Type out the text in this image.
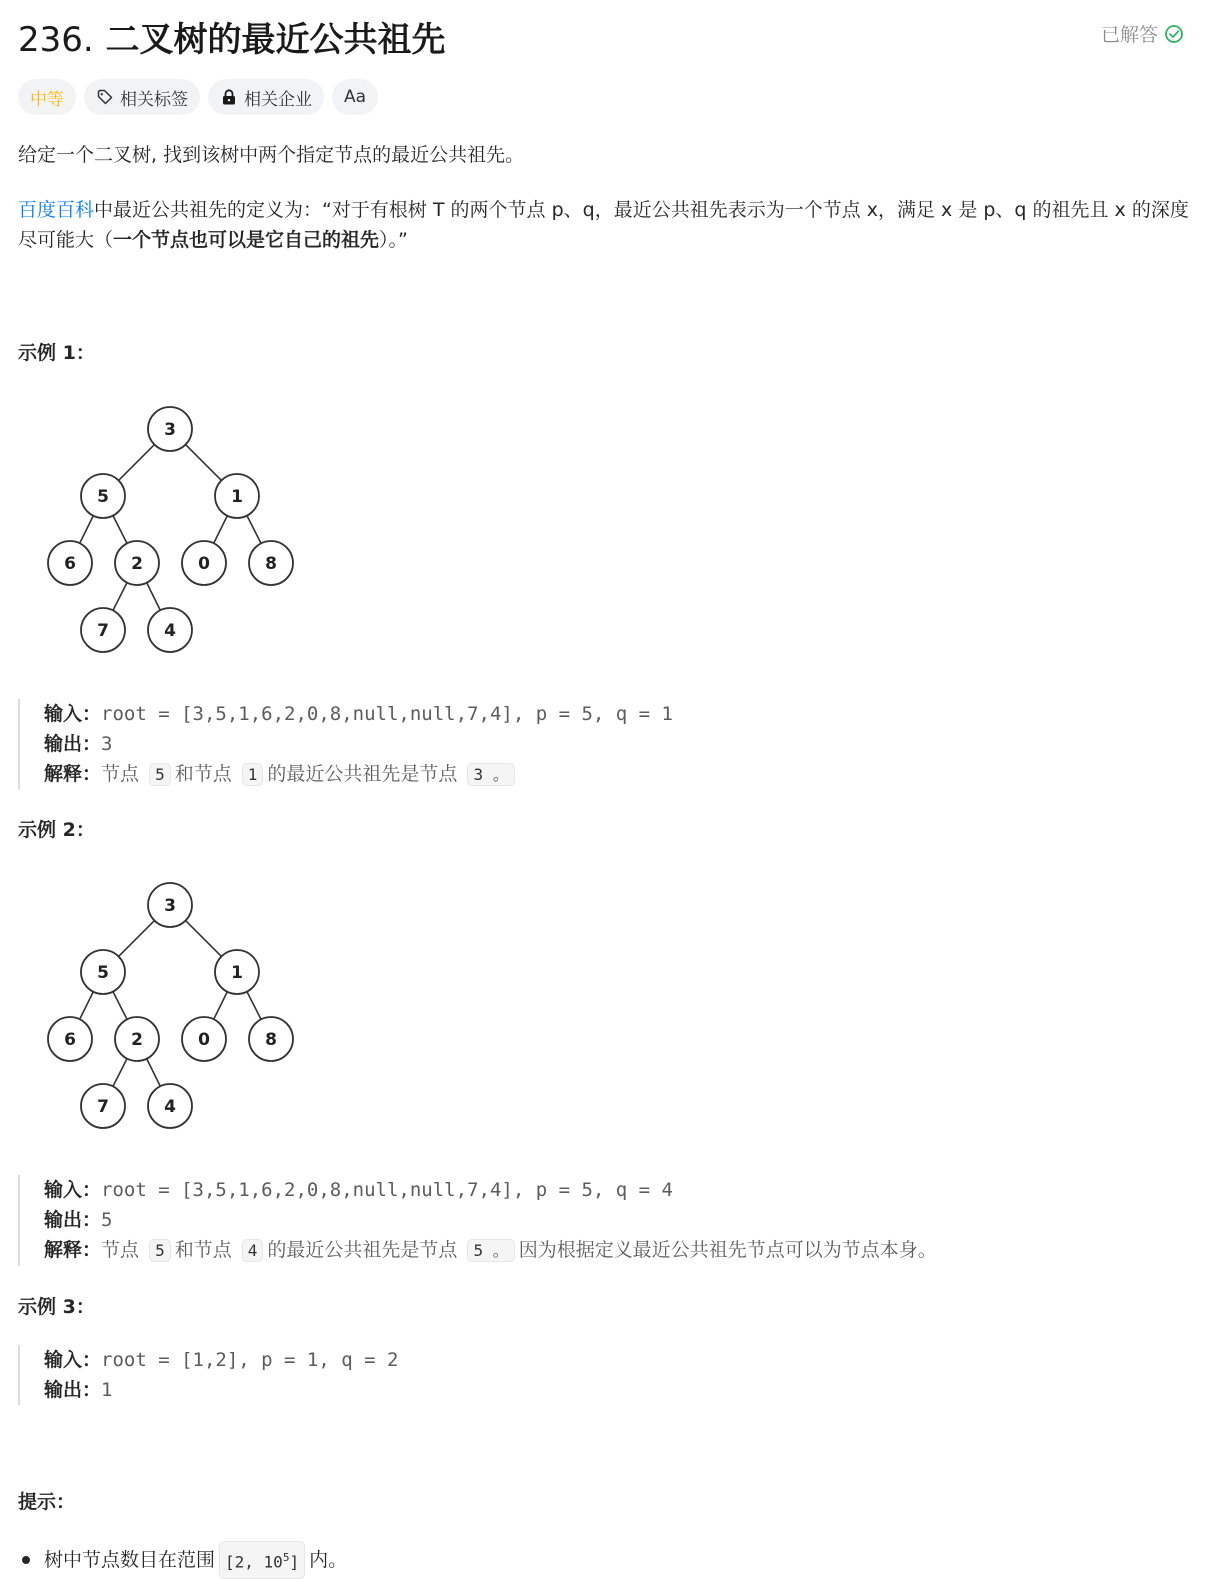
236. 二叉树的最近公共祖先	已解答
中等	相关标签	相关企业 Aa

给定一个二叉树, 找到该树中两个指定节点的最近公共祖先。

百度百科中最近公共祖先的定义为：“对于有根树 T 的两个节点 p、q，最近公共祖先表示为一个节点 x，满足 x 是 p、q 的祖先且 x 的深度尽可能大（一个节点也可以是它自己的祖先）。”

示例 1：
3
5	1
6	2	0	8
7	4
输入：root = [3,5,1,6,2,0,8,null,null,7,4], p = 5, q = 1
输出：3
解释：节点 5 和节点 1 的最近公共祖先是节点 3 。
示例 2：
3
5	1
6	2	0	8
7	4
输入：root = [3,5,1,6,2,0,8,null,null,7,4], p = 5, q = 4
输出：5
解释：节点 5 和节点 4 的最近公共祖先是节点 5 。 因为根据定义最近公共祖先节点可以为节点本身。
示例 3：
输入：root = [1,2], p = 1, q = 2
输出：1
提示：
树中节点数目在范围 [2, $10^5$] 内。
